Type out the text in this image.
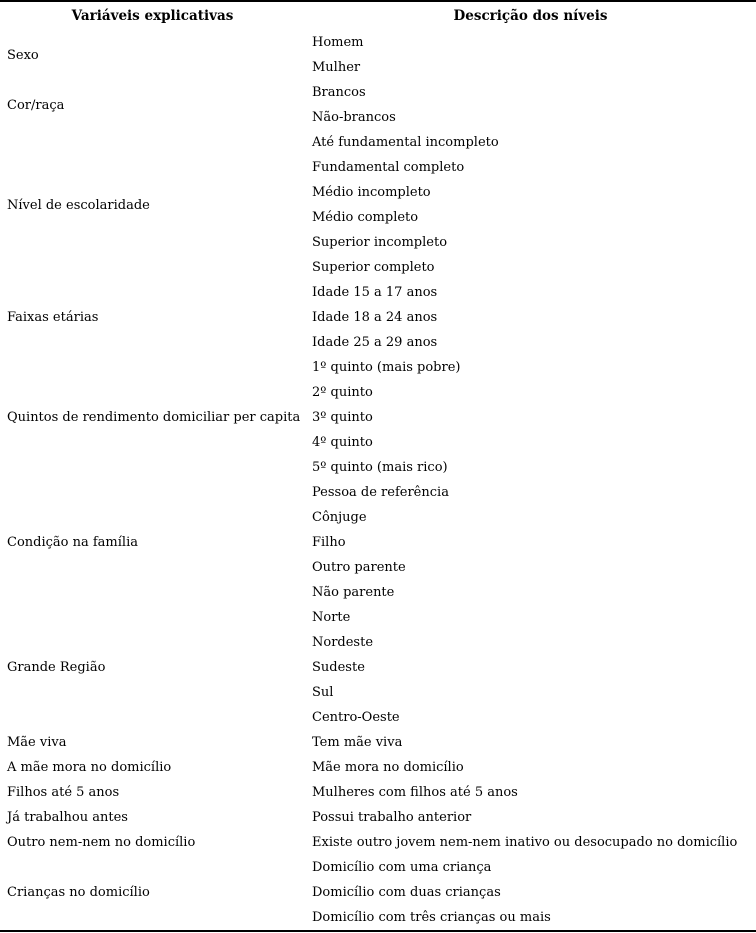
Variáveis explicativas	Descrição dos níveis
Sexo	Homem
	Mulher
Cor/raça	Brancos
	Não-brancos
Nível de escolaridade	Até fundamental incompleto
	Fundamental completo
	Médio incompleto
	Médio completo
	Superior incompleto
	Superior completo
Faixas etárias	Idade 15 a 17 anos
	Idade 18 a 24 anos
	Idade 25 a 29 anos
Quintos de rendimento domiciliar per capita	1º quinto (mais pobre)
	2º quinto
	3º quinto
	4º quinto
	5º quinto (mais rico)
Condição na família	Pessoa de referência
	Cônjuge
	Filho
	Outro parente
	Não parente
Grande Região	Norte
	Nordeste
	Sudeste
	Sul
	Centro-Oeste
Mãe viva	Tem mãe viva
A mãe mora no domicílio	Mãe mora no domicílio
Filhos até 5 anos	Mulheres com filhos até 5 anos
Já trabalhou antes	Possui trabalho anterior
Outro nem-nem no domicílio	Existe outro jovem nem-nem inativo ou desocupado no domicílio
Crianças no domicílio	Domicílio com uma criança
	Domicílio com duas crianças
	Domicílio com três crianças ou mais
